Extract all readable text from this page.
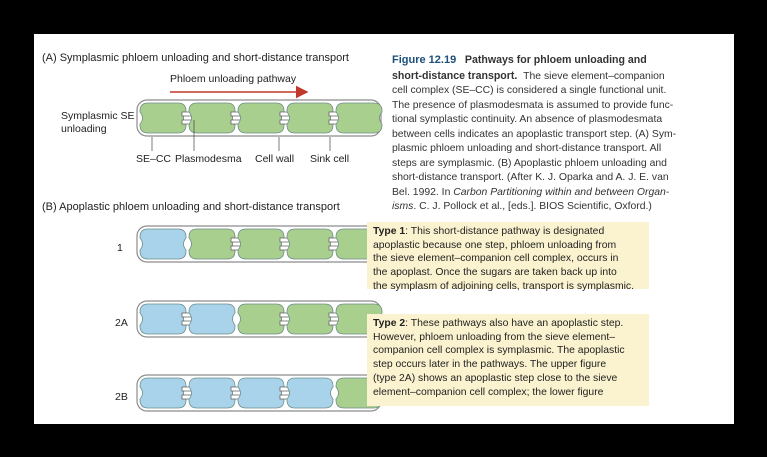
(A) Symplasmic phloem unloading and short-distance transport
Phloem unloading pathway
Symplasmic SE
unloading
SE–CC Plasmodesma Cell wall Sink cell
(B) Apoplastic phloem unloading and short-distance transport
1
2A
2B
Figure 12.19 Pathways for phloem unloading and
short-distance transport. The sieve element–companion
cell complex (SE–CC) is considered a single functional unit.
The presence of plasmodesmata is assumed to provide func-
tional symplastic continuity. An absence of plasmodesmata
between cells indicates an apoplastic transport step. (A) Sym-
plasmic phloem unloading and short-distance transport. All
steps are symplasmic. (B) Apoplastic phloem unloading and
short-distance transport. (After K. J. Oparka and A. J. E. van
Bel. 1992. In Carbon Partitioning within and between Organ-
isms. C. J. Pollock et al., [eds.]. BIOS Scientific, Oxford.)
Type 1: This short-distance pathway is designated
apoplastic because one step, phloem unloading from
the sieve element–companion cell complex, occurs in
the apoplast. Once the sugars are taken back up into
the symplasm of adjoining cells, transport is symplasmic.
Type 2: These pathways also have an apoplastic step.
However, phloem unloading from the sieve element–
companion cell complex is symplasmic. The apoplastic
step occurs later in the pathways. The upper figure
(type 2A) shows an apoplastic step close to the sieve
element–companion cell complex; the lower figure
